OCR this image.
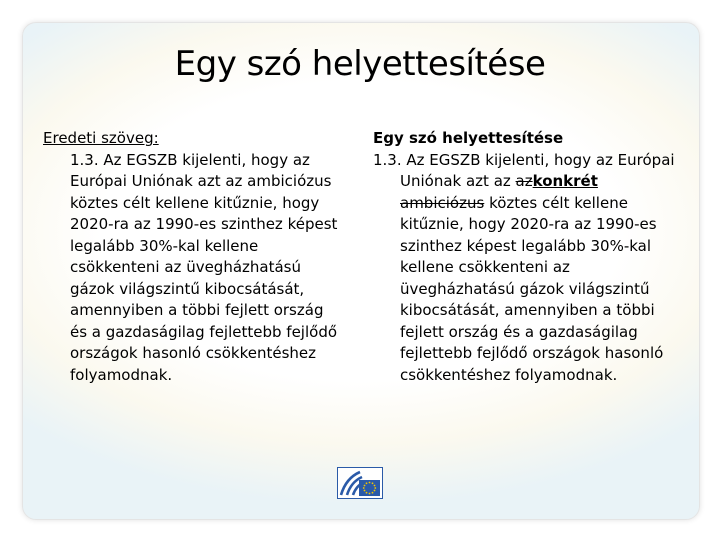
Egy szó helyettesítése
Eredeti szöveg:
1.3. Az EGSZB kijelenti, hogy az Európai Uniónak azt az ambiciózus köztes célt kellene kitűznie, hogy 2020-ra az 1990-es szinthez képest legalább 30%-kal kellene csökkenteni az üvegházhatású gázok világszintű kibocsátását, amennyiben a többi fejlett ország és a gazdaságilag fejlettebb fejlődő országok hasonló csökkentéshez folyamodnak.
Egy szó helyettesítése
1.3. Az EGSZB kijelenti, hogy az Európai Uniónak azt az azkonkrét ambiciózus köztes célt kellene kitűznie, hogy 2020-ra az 1990-es szinthez képest legalább 30%-kal kellene csökkenteni az üvegházhatású gázok világszintű kibocsátását, amennyiben a többi fejlett ország és a gazdaságilag fejlettebb fejlődő országok hasonló csökkentéshez folyamodnak.
